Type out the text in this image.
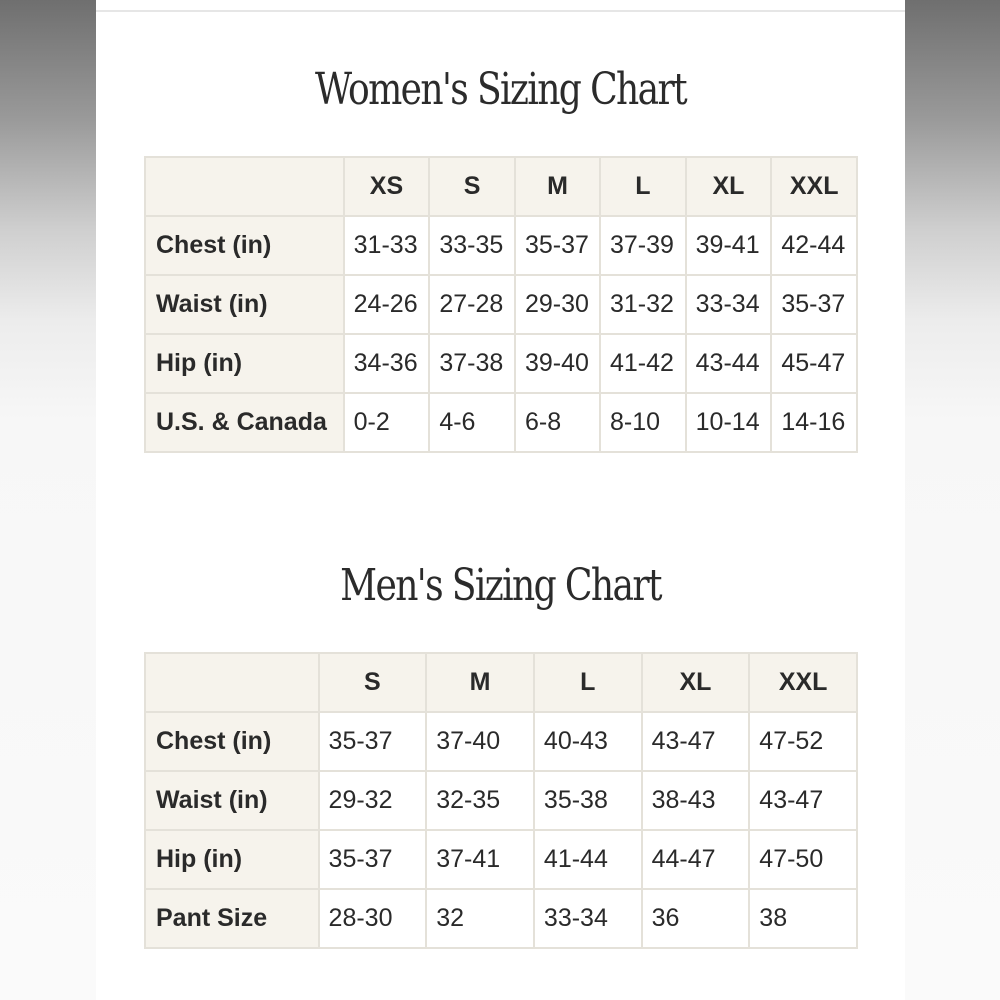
Women's Sizing Chart
	XS	S	M	L	XL	XXL
Chest (in)	31-33	33-35	35-37	37-39	39-41	42-44
Waist (in)	24-26	27-28	29-30	31-32	33-34	35-37
Hip (in)	34-36	37-38	39-40	41-42	43-44	45-47
U.S. & Canada	0-2	4-6	6-8	8-10	10-14	14-16
Men's Sizing Chart
	S	M	L	XL	XXL
Chest (in)	35-37	37-40	40-43	43-47	47-52
Waist (in)	29-32	32-35	35-38	38-43	43-47
Hip (in)	35-37	37-41	41-44	44-47	47-50
Pant Size	28-30	32	33-34	36	38
